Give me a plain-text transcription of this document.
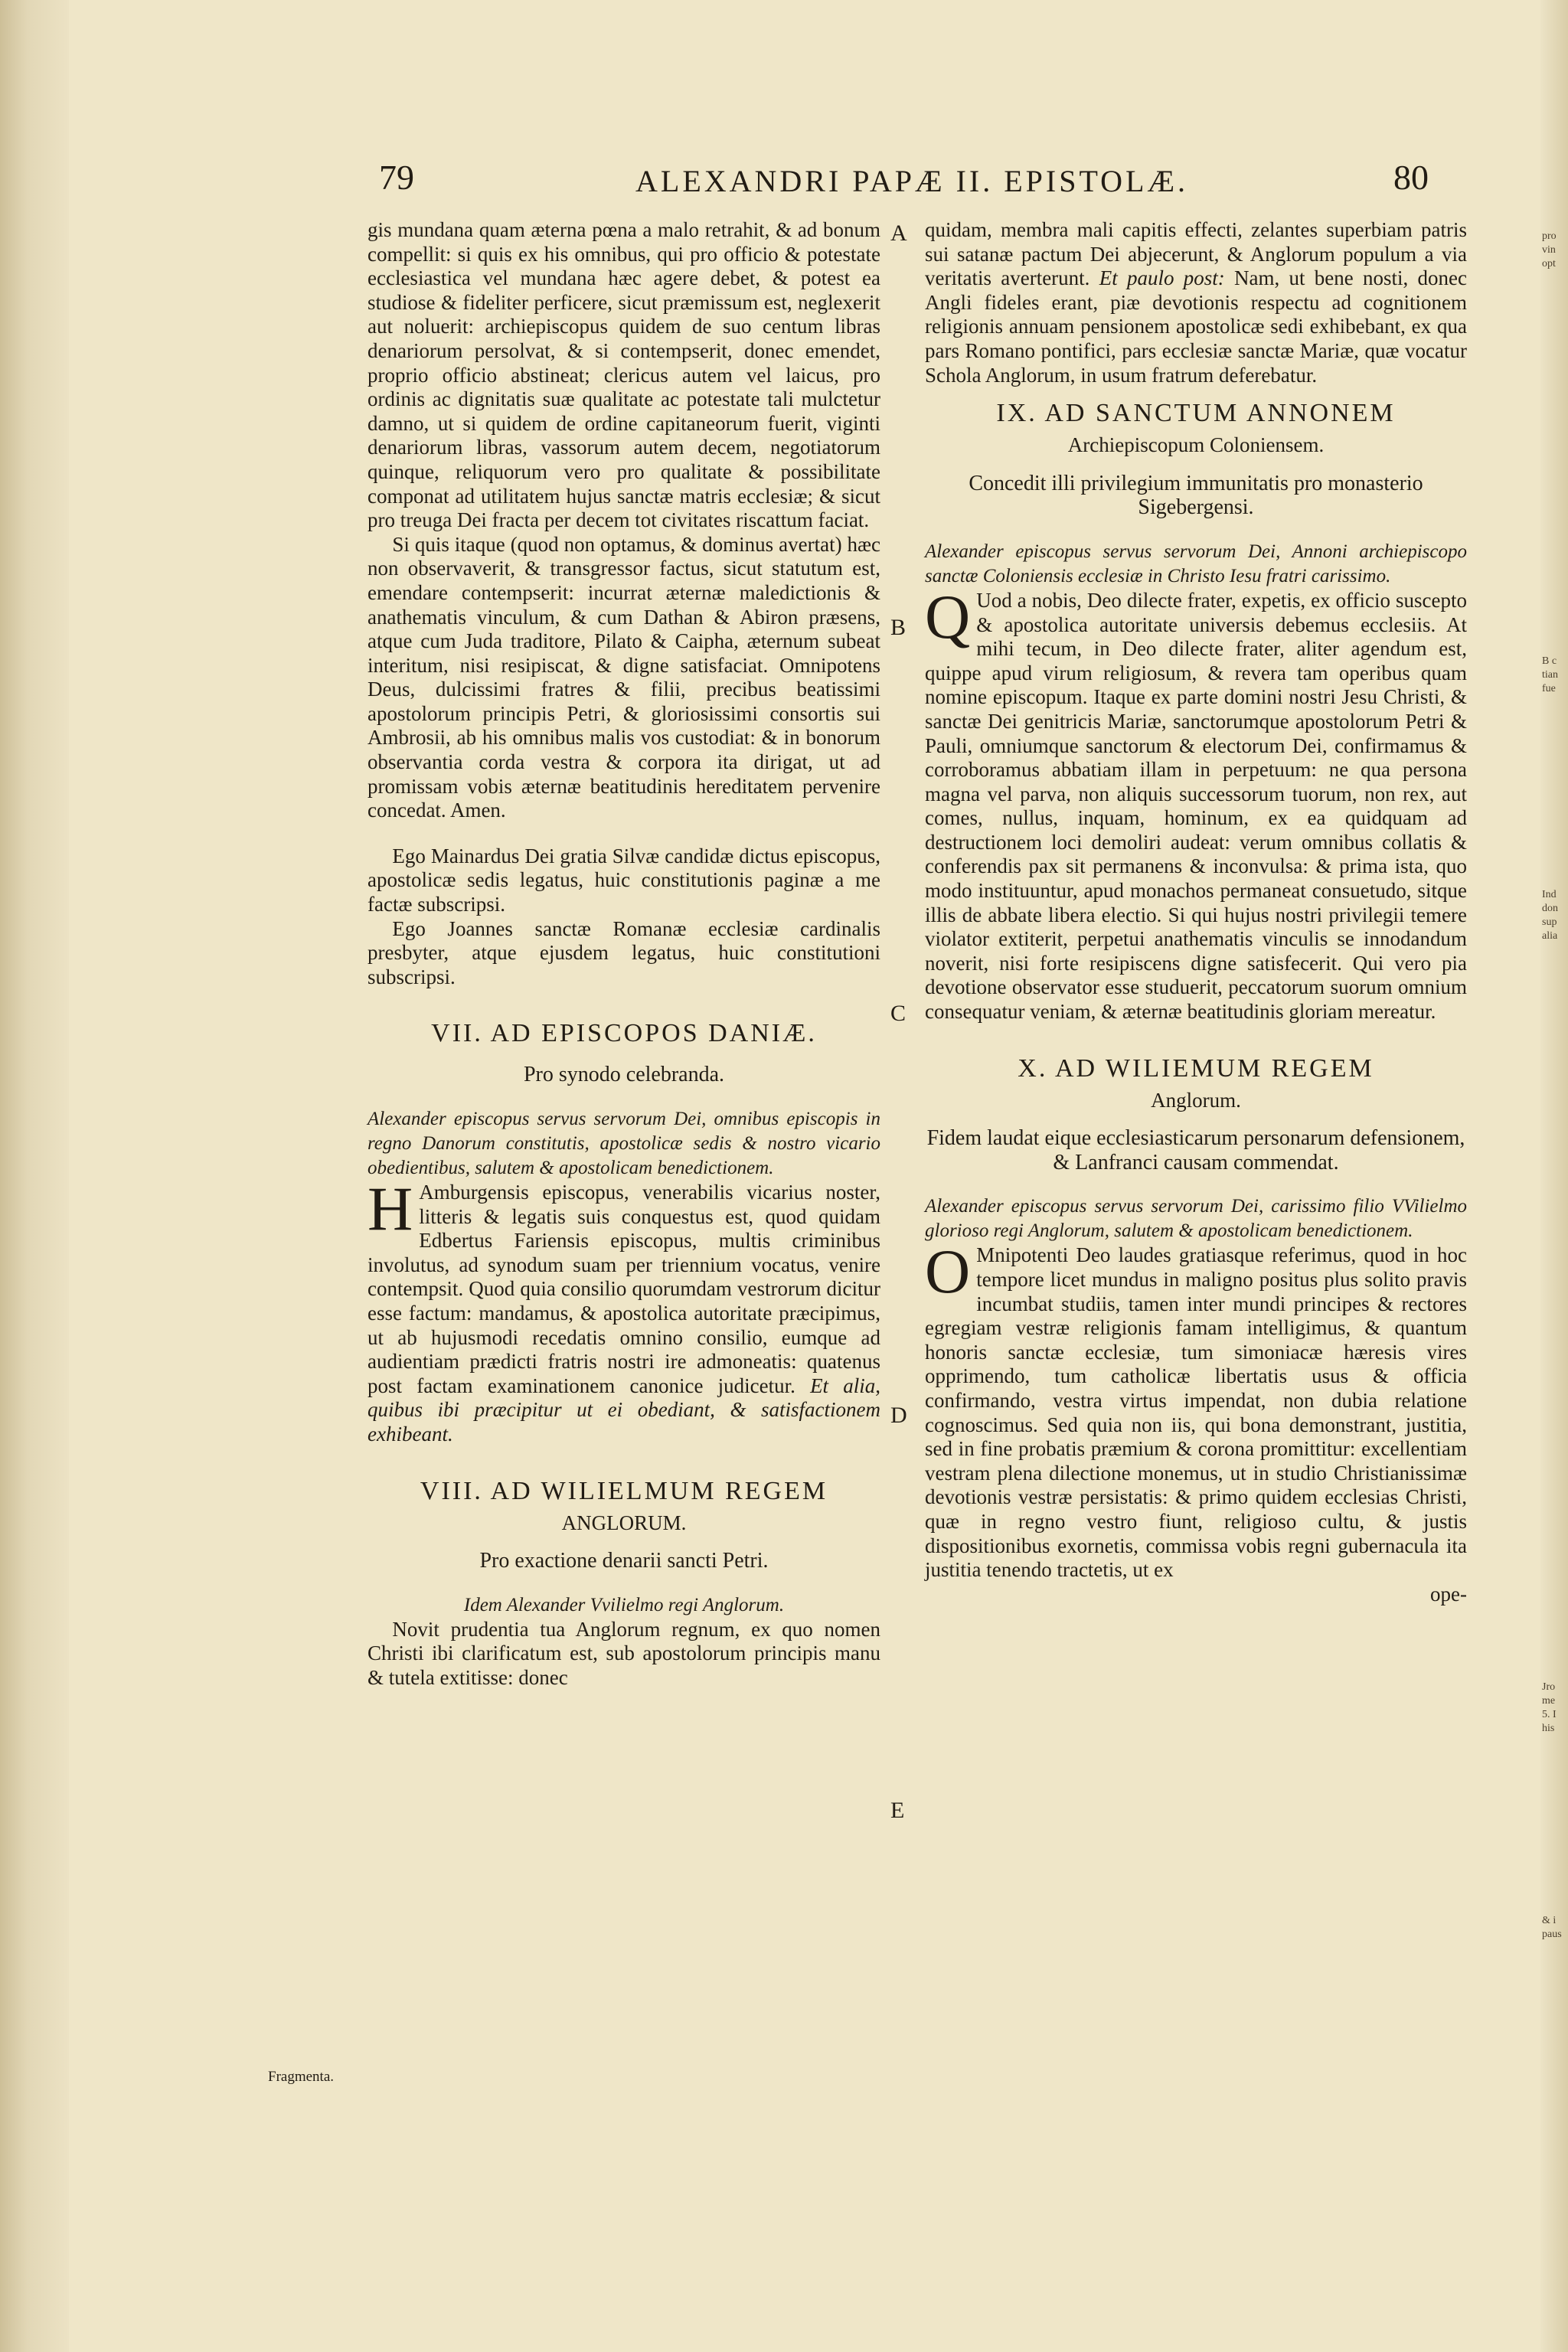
pro
vin
opt
B c
tian
fue
Ind
don
sup
alia
Jro
me
5. I
his
& i
paus
79	ALEXANDRI PAPÆ II. EPISTOLÆ.	80
A
B
C
D
E
Fragmenta.

gis mundana quam æterna pœna a malo retrahit, & ad bonum compellit: si quis ex his omnibus, qui pro officio & potestate ecclesiastica vel mundana hæc agere debet, & potest ea studiose & fideliter perficere, sicut præmissum est, neglexerit aut noluerit: archiepiscopus quidem de suo centum libras denariorum persolvat, & si contempserit, donec emendet, proprio officio abstineat; clericus autem vel laicus, pro ordinis ac dignitatis suæ qualitate ac potestate tali mulctetur damno, ut si quidem de ordine capitaneorum fuerit, viginti denariorum libras, vassorum autem decem, negotiatorum quinque, reliquorum vero pro qualitate & possibilitate componat ad utilitatem hujus sanctæ matris ecclesiæ; & sicut pro treuga Dei fracta per decem tot civitates riscattum faciat.

Si quis itaque (quod non optamus, & dominus avertat) hæc non observaverit, & transgressor factus, sicut statutum est, emendare contempserit: incurrat æternæ maledictionis & anathematis vinculum, & cum Dathan & Abiron præsens, atque cum Juda traditore, Pilato & Caipha, æternum subeat interitum, nisi resipiscat, & digne satisfaciat. Omnipotens Deus, dulcissimi fratres & filii, precibus beatissimi apostolorum principis Petri, & gloriosissimi consortis sui Ambrosii, ab his omnibus malis vos custodiat: & in bonorum observantia corda vestra & corpora ita dirigat, ut ad promissam vobis æternæ beatitudinis hereditatem pervenire concedat. Amen.

Ego Mainardus Dei gratia Silvæ candidæ dictus episcopus, apostolicæ sedis legatus, huic constitutionis paginæ a me factæ subscripsi.

Ego Joannes sanctæ Romanæ ecclesiæ cardinalis presbyter, atque ejusdem legatus, huic constitutioni subscripsi.

VII. AD EPISCOPOS DANIÆ.
Pro synodo celebranda.

Alexander episcopus servus servorum Dei, omnibus episcopis in regno Danorum constitutis, apostolicæ sedis & nostro vicario obedientibus, salutem & apostolicam benedictionem.

H Amburgensis episcopus, venerabilis vicarius noster, litteris & legatis suis conquestus est, quod quidam Edbertus Fariensis episcopus, multis criminibus involutus, ad synodum suam per triennium vocatus, venire contempsit. Quod quia consilio quorumdam vestrorum dicitur esse factum: mandamus, & apostolica autoritate præcipimus, ut ab hujusmodi recedatis omnino consilio, eumque ad audientiam prædicti fratris nostri ire admoneatis: quatenus post factam examinationem canonice judicetur. Et alia, quibus ibi præcipitur ut ei obediant, & satisfactionem exhibeant.

VIII. AD WILIELMUM REGEM
ANGLORUM.
Pro exactione denarii sancti Petri.

Idem Alexander Vvilielmo regi Anglorum.

Novit prudentia tua Anglorum regnum, ex quo nomen Christi ibi clarificatum est, sub apostolorum principis manu & tutela extitisse: donec

quidam, membra mali capitis effecti, zelantes superbiam patris sui satanæ pactum Dei abjecerunt, & Anglorum populum a via veritatis averterunt. Et paulo post: Nam, ut bene nosti, donec Angli fideles erant, piæ devotionis respectu ad cognitionem religionis annuam pensionem apostolicæ sedi exhibebant, ex qua pars Romano pontifici, pars ecclesiæ sanctæ Mariæ, quæ vocatur Schola Anglorum, in usum fratrum deferebatur.

IX. AD SANCTUM ANNONEM
Archiepiscopum Coloniensem.
Concedit illi privilegium immunitatis pro monasterio Sigebergensi.

Alexander episcopus servus servorum Dei, Annoni archiepiscopo sanctæ Coloniensis ecclesiæ in Christo Iesu fratri carissimo.

Q Uod a nobis, Deo dilecte frater, expetis, ex officio suscepto & apostolica autoritate universis debemus ecclesiis. At mihi tecum, in Deo dilecte frater, aliter agendum est, quippe apud virum religiosum, & revera tam operibus quam nomine episcopum. Itaque ex parte domini nostri Jesu Christi, & sanctæ Dei genitricis Mariæ, sanctorumque apostolorum Petri & Pauli, omniumque sanctorum & electorum Dei, confirmamus & corroboramus abbatiam illam in perpetuum: ne qua persona magna vel parva, non aliquis successorum tuorum, non rex, aut comes, nullus, inquam, hominum, ex ea quidquam ad destructionem loci demoliri audeat: verum omnibus collatis & conferendis pax sit permanens & inconvulsa: & prima ista, quo modo instituuntur, apud monachos permaneat consuetudo, sitque illis de abbate libera electio. Si qui hujus nostri privilegii temere violator extiterit, perpetui anathematis vinculis se innodandum noverit, nisi forte resipiscens digne satisfecerit. Qui vero pia devotione observator esse studuerit, peccatorum suorum omnium consequatur veniam, & æternæ beatitudinis gloriam mereatur.

X. AD WILIEMUM REGEM
Anglorum.
Fidem laudat eique ecclesiasticarum personarum defensionem, & Lanfranci causam commendat.

Alexander episcopus servus servorum Dei, carissimo filio VVilielmo glorioso regi Anglorum, salutem & apostolicam benedictionem.

O Mnipotenti Deo laudes gratiasque referimus, quod in hoc tempore licet mundus in maligno positus plus solito pravis incumbat studiis, tamen inter mundi principes & rectores egregiam vestræ religionis famam intelligimus, & quantum honoris sanctæ ecclesiæ, tum simoniacæ hæresis vires opprimendo, tum catholicæ libertatis usus & officia confirmando, vestra virtus impendat, non dubia relatione cognoscimus. Sed quia non iis, qui bona demonstrant, justitia, sed in fine probatis præmium & corona promittitur: excellentiam vestram plena dilectione monemus, ut in studio Christianissimæ devotionis vestræ persistatis: & primo quidem ecclesias Christi, quæ in regno vestro fiunt, religioso cultu, & justis dispositionibus exornetis, commissa vobis regni gubernacula ita justitia tenendo tractetis, ut ex

ope-
